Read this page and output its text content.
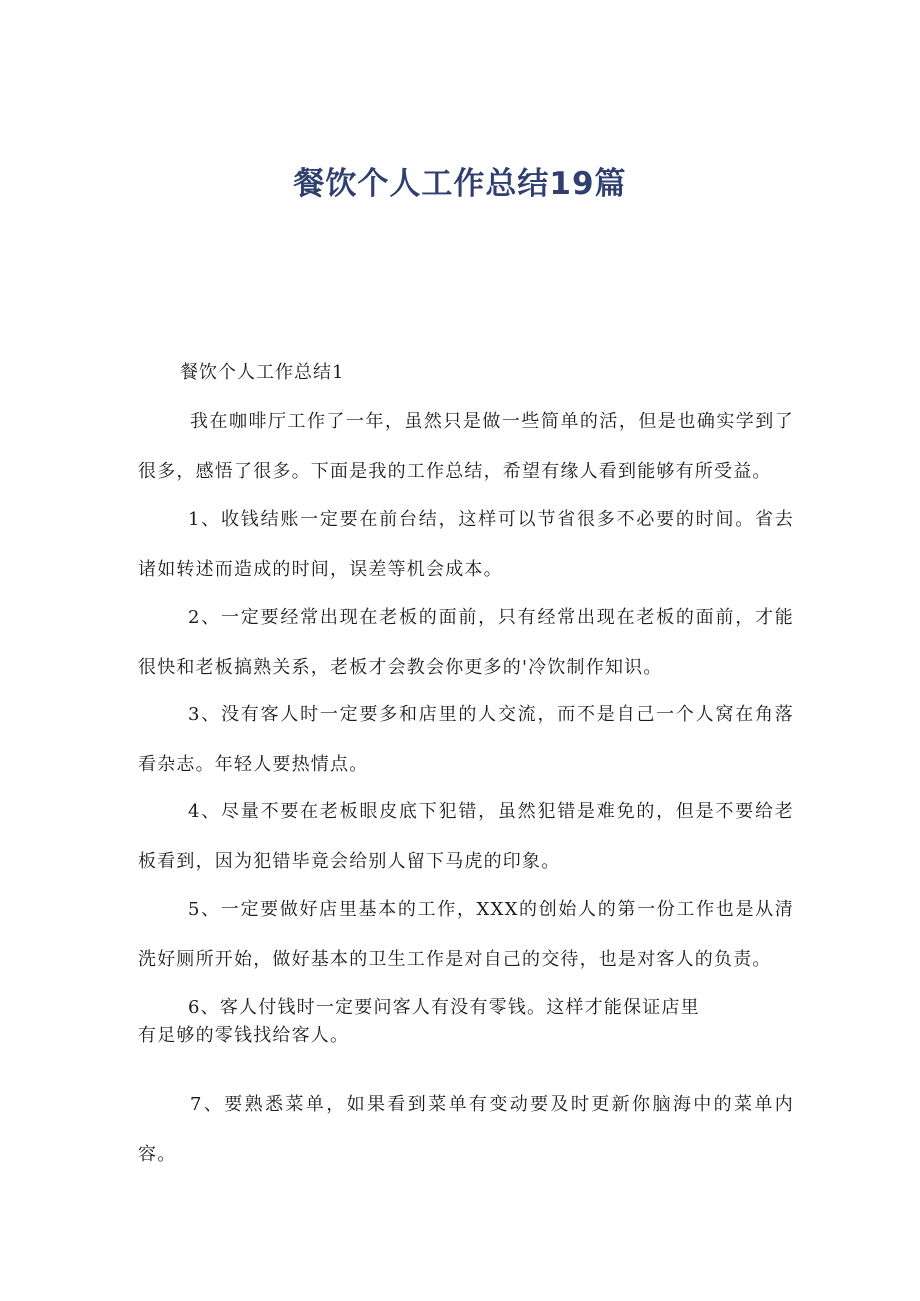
餐饮个人工作总结19篇
餐饮个人工作总结1

我在咖啡厅工作了一年，虽然只是做一些简单的活，但是也确实学到了很多，感悟了很多。下面是我的工作总结，希望有缘人看到能够有所受益。

1、收钱结账一定要在前台结，这样可以节省很多不必要的时间。省去诸如转述而造成的时间，误差等机会成本。

2、一定要经常出现在老板的面前，只有经常出现在老板的面前，才能很快和老板搞熟关系，老板才会教会你更多的'冷饮制作知识。

3、没有客人时一定要多和店里的人交流，而不是自己一个人窝在角落看杂志。年轻人要热情点。

4、尽量不要在老板眼皮底下犯错，虽然犯错是难免的，但是不要给老板看到，因为犯错毕竟会给别人留下马虎的印象。

5、一定要做好店里基本的工作，XXX的创始人的第一份工作也是从清洗好厕所开始，做好基本的卫生工作是对自己的交待，也是对客人的负责。

6、客人付钱时一定要问客人有没有零钱。这样才能保证店里
有足够的零钱找给客人。

7、要熟悉菜单，如果看到菜单有变动要及时更新你脑海中的菜单内容。
